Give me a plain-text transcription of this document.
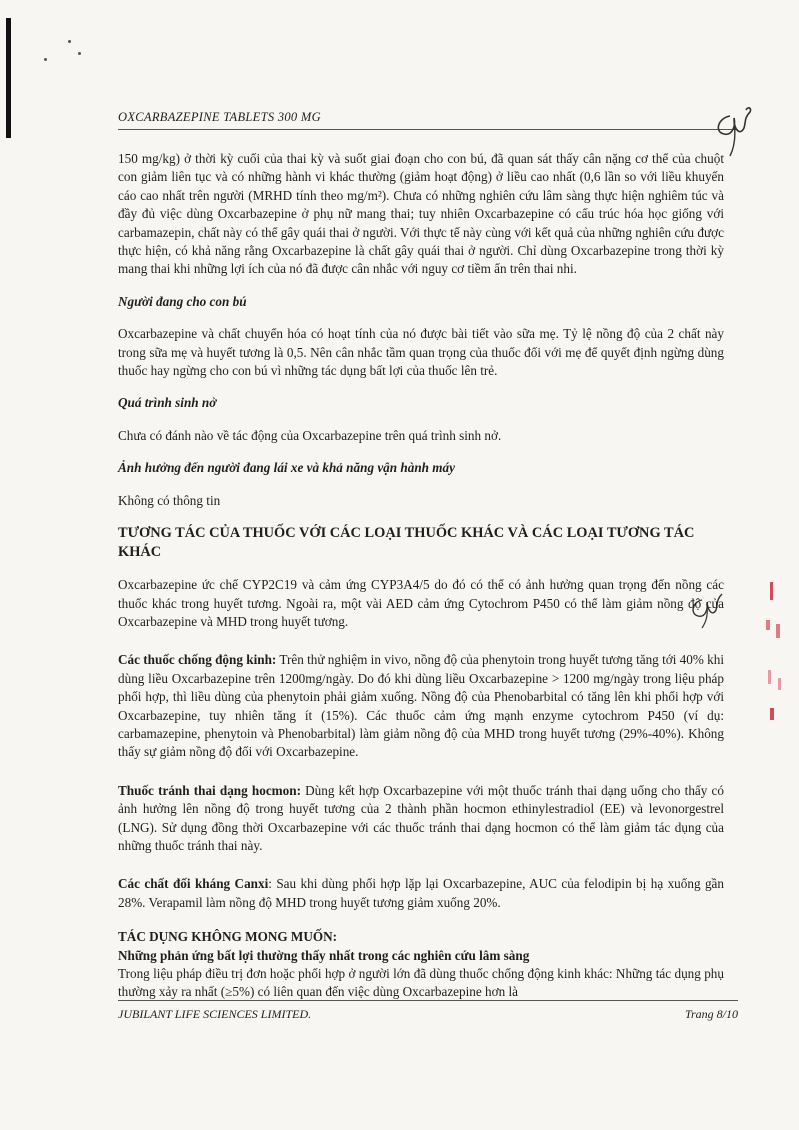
OXCARBAZEPINE TABLETS 300 MG

150 mg/kg) ở thời kỳ cuối của thai kỳ và suốt giai đoạn cho con bú, đã quan sát thấy cân nặng cơ thể của chuột con giảm liên tục và có những hành vi khác thường (giảm hoạt động) ở liều cao nhất (0,6 lần so với liều khuyến cáo cao nhất trên người (MRHD tính theo mg/m²). Chưa có những nghiên cứu lâm sàng thực hiện nghiêm túc và đầy đủ việc dùng Oxcarbazepine ở phụ nữ mang thai; tuy nhiên Oxcarbazepine có cấu trúc hóa học giống với carbamazepin, chất này có thể gây quái thai ở người. Với thực tế này cùng với kết quả của những nghiên cứu được thực hiện, có khả năng rằng Oxcarbazepine là chất gây quái thai ở người. Chỉ dùng Oxcarbazepine trong thời kỳ mang thai khi những lợi ích của nó đã được cân nhắc với nguy cơ tiềm ẩn trên thai nhi.

Người đang cho con bú

Oxcarbazepine và chất chuyển hóa có hoạt tính của nó được bài tiết vào sữa mẹ. Tỷ lệ nồng độ của 2 chất này trong sữa mẹ và huyết tương là 0,5. Nên cân nhắc tầm quan trọng của thuốc đối với mẹ để quyết định ngừng dùng thuốc hay ngừng cho con bú vì những tác dụng bất lợi của thuốc lên trẻ.

Quá trình sinh nở

Chưa có đánh nào về tác động của Oxcarbazepine trên quá trình sinh nở.

Ảnh hưởng đến người đang lái xe và khả năng vận hành máy

Không có thông tin

TƯƠNG TÁC CỦA THUỐC VỚI CÁC LOẠI THUỐC KHÁC VÀ CÁC LOẠI TƯƠNG TÁC KHÁC

Oxcarbazepine ức chế CYP2C19 và cảm ứng CYP3A4/5 do đó có thể có ảnh hưởng quan trọng đến nồng các thuốc khác trong huyết tương. Ngoài ra, một vài AED cảm ứng Cytochrom P450 có thể làm giảm nồng độ của Oxcarbazepine và MHD trong huyết tương.

Các thuốc chống động kinh: Trên thử nghiệm in vivo, nồng độ của phenytoin trong huyết tương tăng tới 40% khi dùng liều Oxcarbazepine trên 1200mg/ngày. Do đó khi dùng liều Oxcarbazepine > 1200 mg/ngày trong liệu pháp phối hợp, thì liều dùng của phenytoin phải giảm xuống. Nồng độ của Phenobarbital có tăng lên khi phối hợp với Oxcarbazepine, tuy nhiên tăng ít (15%). Các thuốc cảm ứng mạnh enzyme cytochrom P450 (ví dụ: carbamazepine, phenytoin và Phenobarbital) làm giảm nồng độ của MHD trong huyết tương (29%-40%). Không thấy sự giảm nồng độ đối với Oxcarbazepine.

Thuốc tránh thai dạng hocmon: Dùng kết hợp Oxcarbazepine với một thuốc tránh thai dạng uống cho thấy có ảnh hưởng lên nồng độ trong huyết tương của 2 thành phần hocmon ethinylestradiol (EE) và levonorgestrel (LNG). Sử dụng đồng thời Oxcarbazepine với các thuốc tránh thai dạng hocmon có thể làm giảm tác dụng của những thuốc tránh thai này.

Các chất đối kháng Canxi: Sau khi dùng phối hợp lặp lại Oxcarbazepine, AUC của felodipin bị hạ xuống gần 28%. Verapamil làm nồng độ MHD trong huyết tương giảm xuống 20%.

TÁC DỤNG KHÔNG MONG MUỐN:

Những phản ứng bất lợi thường thấy nhất trong các nghiên cứu lâm sàng

Trong liệu pháp điều trị đơn hoặc phối hợp ở người lớn đã dùng thuốc chống động kinh khác: Những tác dụng phụ thường xảy ra nhất (≥5%) có liên quan đến việc dùng Oxcarbazepine hơn là

JUBILANT LIFE SCIENCES LIMITED.	Trang 8/10
